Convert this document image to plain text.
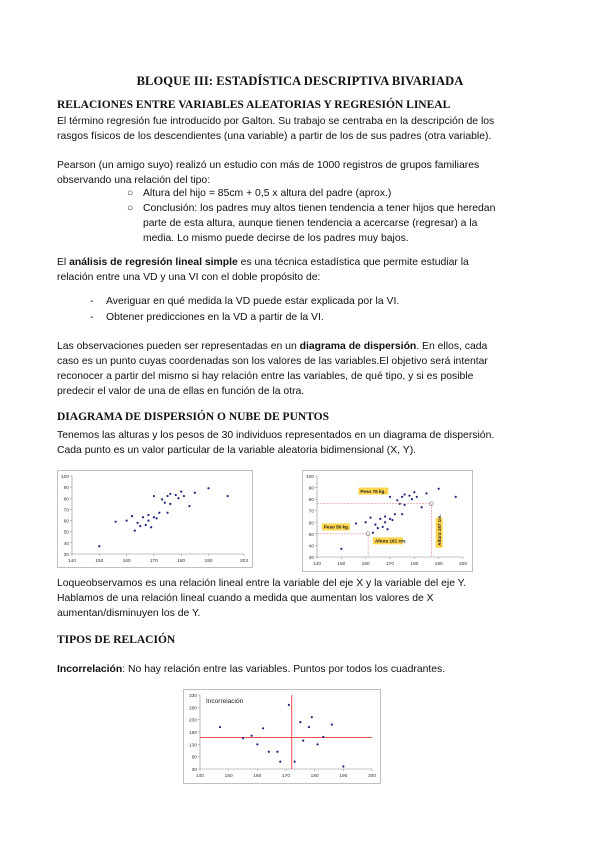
BLOQUE III: ESTADÍSTICA DESCRIPTIVA BIVARIADA
RELACIONES ENTRE VARIABLES ALEATORIAS Y REGRESIÓN LINEAL
El término regresión fue introducido por Galton. Su trabajo se centraba en la descripción de los
rasgos físicos de los descendientes (una variable) a partir de los de sus padres (otra variable).
Pearson (un amigo suyo) realizó un estudio con más de 1000 registros de grupos familiares
observando una relación del tipo:
○ Altura del hijo = 85cm + 0,5 x altura del padre (aprox.)
○ Conclusión: los padres muy altos tienen tendencia a tener hijos que heredan
parte de esta altura, aunque tienen tendencia a acercarse (regresar) a la
media. Lo mismo puede decirse de los padres muy bajos.
El análisis de regresión lineal simple es una técnica estadística que permite estudiar la
relación entre una VD y una VI con el doble propósito de:
- Averiguar en qué medida la VD puede estar explicada por la VI.
- Obtener predicciones en la VD a partir de la VI.
Las observaciones pueden ser representadas en un diagrama de dispersión. En ellos, cada
caso es un punto cuyas coordenadas son los valores de las variables.El objetivo será intentar
reconocer a partir del mismo si hay relación entre las variables, de qué tipo, y si es posible
predecir el valor de una de ellas en función de la otra.
DIAGRAMA DE DISPERSIÓN O NUBE DE PUNTOS
Tenemos las alturas y los pesos de 30 individuos representados en un diagrama de dispersión.
Cada punto es un valor particular de la variable aleatoria bidimensional (X, Y).
30
40
50
60
70
80
90
100
140	150	160	170	180	190	203
30
40
50
60
70
80
90
100
140	150	160	170	180	190	200
Peso 76 kg.
Peso 50 kg.
Altura 161 cm.	Altura 187 cm.
Loqueobservamos es una relación lineal entre la variable del eje X y la variable del eje Y.
Hablamos de una relación lineal cuando a medida que aumentan los valores de X
aumentan/disminuyen los de Y.
TIPOS DE RELACIÓN
Incorrelación: No hay relación entre las variables. Puntos por todos los cuadrantes.
30
80
130
180
230
280
330
140	150	160	170	180	190	200
Incorrelación
